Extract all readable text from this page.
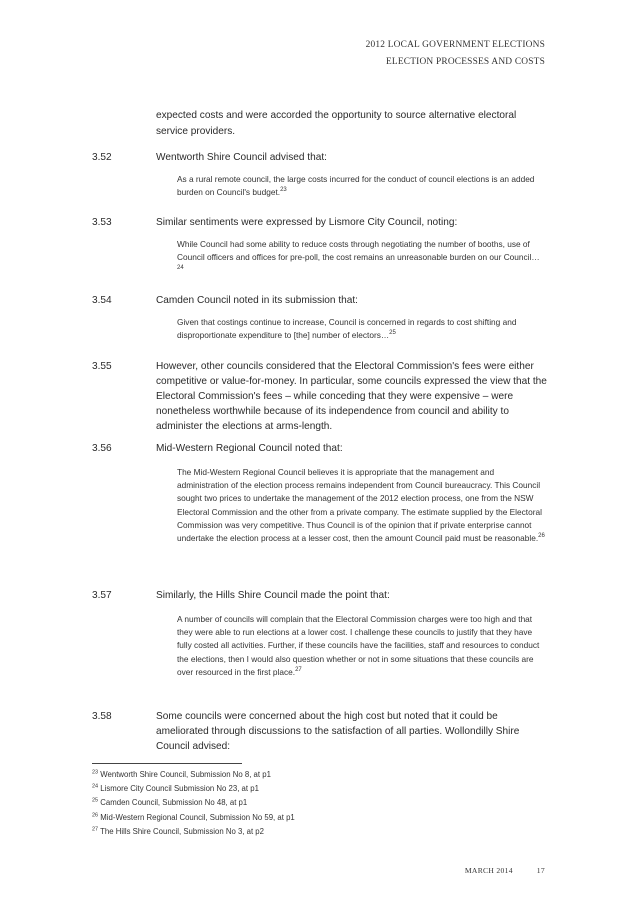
2012 LOCAL GOVERNMENT ELECTIONS
ELECTION PROCESSES AND COSTS
expected costs and were accorded the opportunity to source alternative electoral service providers.
3.52	Wentworth Shire Council advised that:
As a rural remote council, the large costs incurred for the conduct of council elections is an added burden on Council's budget.$^{23}$
3.53	Similar sentiments were expressed by Lismore City Council, noting:
While Council had some ability to reduce costs through negotiating the number of booths, use of Council officers and offices for pre-poll, the cost remains an unreasonable burden on our Council…$^{24}$
3.54	Camden Council noted in its submission that:
Given that costings continue to increase, Council is concerned in regards to cost shifting and disproportionate expenditure to [the] number of electors…$^{25}$
3.55	However, other councils considered that the Electoral Commission's fees were either competitive or value-for-money. In particular, some councils expressed the view that the Electoral Commission's fees – while conceding that they were expensive – were nonetheless worthwhile because of its independence from council and ability to administer the elections at arms-length.
3.56	Mid-Western Regional Council noted that:
The Mid-Western Regional Council believes it is appropriate that the management and administration of the election process remains independent from Council bureaucracy. This Council sought two prices to undertake the management of the 2012 election process, one from the NSW Electoral Commission and the other from a private company. The estimate supplied by the Electoral Commission was very competitive. Thus Council is of the opinion that if private enterprise cannot undertake the election process at a lesser cost, then the amount Council paid must be reasonable.$^{26}$
3.57	Similarly, the Hills Shire Council made the point that:
A number of councils will complain that the Electoral Commission charges were too high and that they were able to run elections at a lower cost. I challenge these councils to justify that they have fully costed all activities. Further, if these councils have the facilities, staff and resources to conduct the elections, then I would also question whether or not in some situations that these councils are over resourced in the first place.$^{27}$
3.58	Some councils were concerned about the high cost but noted that it could be ameliorated through discussions to the satisfaction of all parties. Wollondilly Shire Council advised:
$^{23}$ Wentworth Shire Council, Submission No 8, at p1
$^{24}$ Lismore City Council Submission No 23, at p1
$^{25}$ Camden Council, Submission No 48, at p1
$^{26}$ Mid-Western Regional Council, Submission No 59, at p1
$^{27}$ The Hills Shire Council, Submission No 3, at p2
MARCH 2014	17
